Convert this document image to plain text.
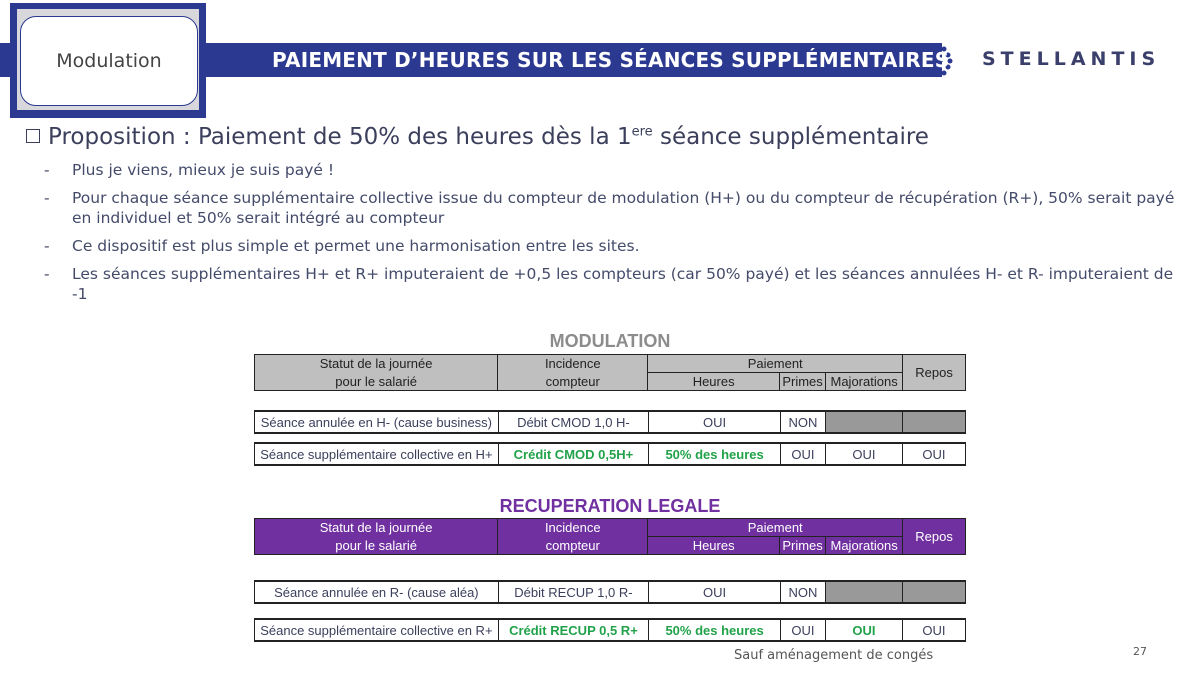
Modulation	PAIEMENT D’HEURES SUR LES SÉANCES SUPPLÉMENTAIRES STELLANTIS
Proposition : Paiement de 50% des heures dès la 1ere séance supplémentaire
- Plus je viens, mieux je suis payé !
- Pour chaque séance supplémentaire collective issue du compteur de modulation (H+) ou du compteur de récupération (R+), 50% serait payé en individuel et 50% serait intégré au compteur
- Ce dispositif est plus simple et permet une harmonisation entre les sites.
- Les séances supplémentaires H+ et R+ imputeraient de +0,5 les compteurs (car 50% payé) et les séances annulées H- et R- imputeraient de -1
MODULATION
Statut de la journée	Incidence	Paiement			Repos
pour le salarié	compteur	Heures	Primes	Majorations	
Séance annulée en H- (cause business)	Débit CMOD 1,0 H-	OUI	NON		
Séance supplémentaire collective en H+	Crédit CMOD 0,5H+	50% des heures	OUI	OUI	OUI
RECUPERATION LEGALE
Statut de la journée	Incidence	Paiement			Repos
pour le salarié	compteur	Heures	Primes	Majorations	
Séance annulée en R- (cause aléa)	Débit RECUP 1,0 R-	OUI	NON		
Séance supplémentaire collective en R+	Crédit RECUP 0,5 R+	50% des heures	OUI	OUI	OUI
Sauf aménagement de congés	27
